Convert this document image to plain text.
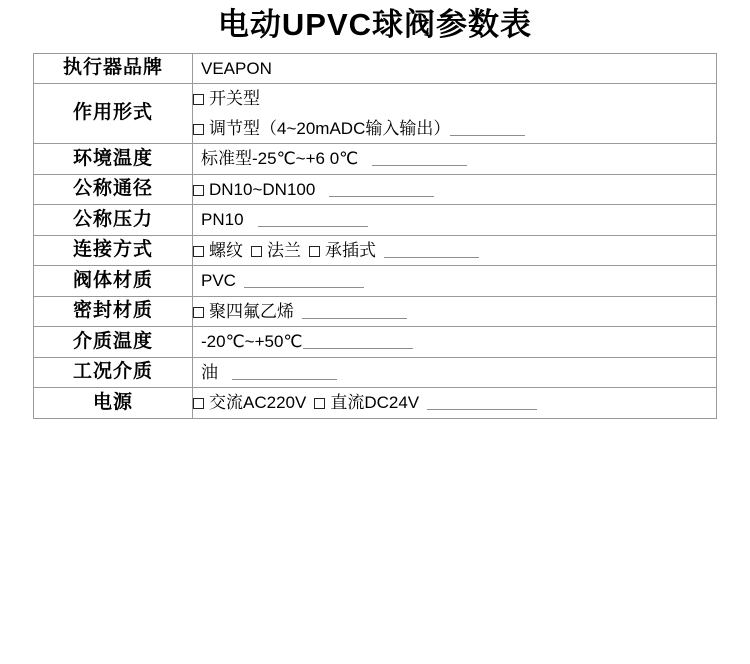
电动UPVC球阀参数表
执行器品牌	VEAPON

作用形式	开关型
调节型（4~20mADC输入输出）

环境温度	标准型-25℃~+6 0℃

公称通径	DN10~DN100

公称压力	PN10

连接方式	螺纹 法兰 承插式

阀体材质	PVC

密封材质	聚四氟乙烯

介质温度	-20℃~+50℃

工况介质	油

电源	交流AC220V 直流DC24V
